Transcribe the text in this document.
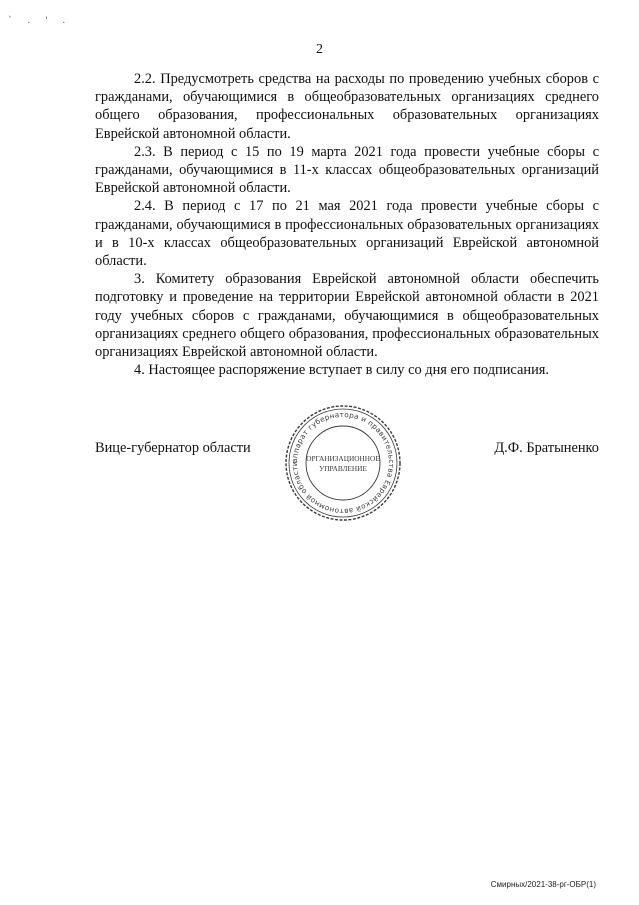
` . ' .
2

2.2. Предусмотреть средства на расходы по проведению учебных сборов с гражданами, обучающимися в общеобразовательных организациях среднего общего образования, профессиональных образовательных организациях Еврейской автономной области.

2.3. В период с 15 по 19 марта 2021 года провести учебные сборы с гражданами, обучающимися в 11-х классах общеобразовательных организаций Еврейской автономной области.

2.4. В период с 17 по 21 мая 2021 года провести учебные сборы с гражданами, обучающимися в профессиональных образовательных организациях и в 10-х классах общеобразовательных организаций Еврейской автономной области.

3. Комитету образования Еврейской автономной области обеспечить подготовку и проведение на территории Еврейской автономной области в 2021 году учебных сборов с гражданами, обучающимися в общеобразовательных организациях среднего общего образования, профессиональных образовательных организациях Еврейской автономной области.

4. Настоящее распоряжение вступает в силу со дня его подписания.

Вице-губернатор области	Д.Ф. Братыненко
аппарат губернатора и правительства Еврейской автономной области
ОРГАНИЗАЦИОННОЕ
УПРАВЛЕНИЕ
Смирных/2021-38-рг-ОБР(1)
